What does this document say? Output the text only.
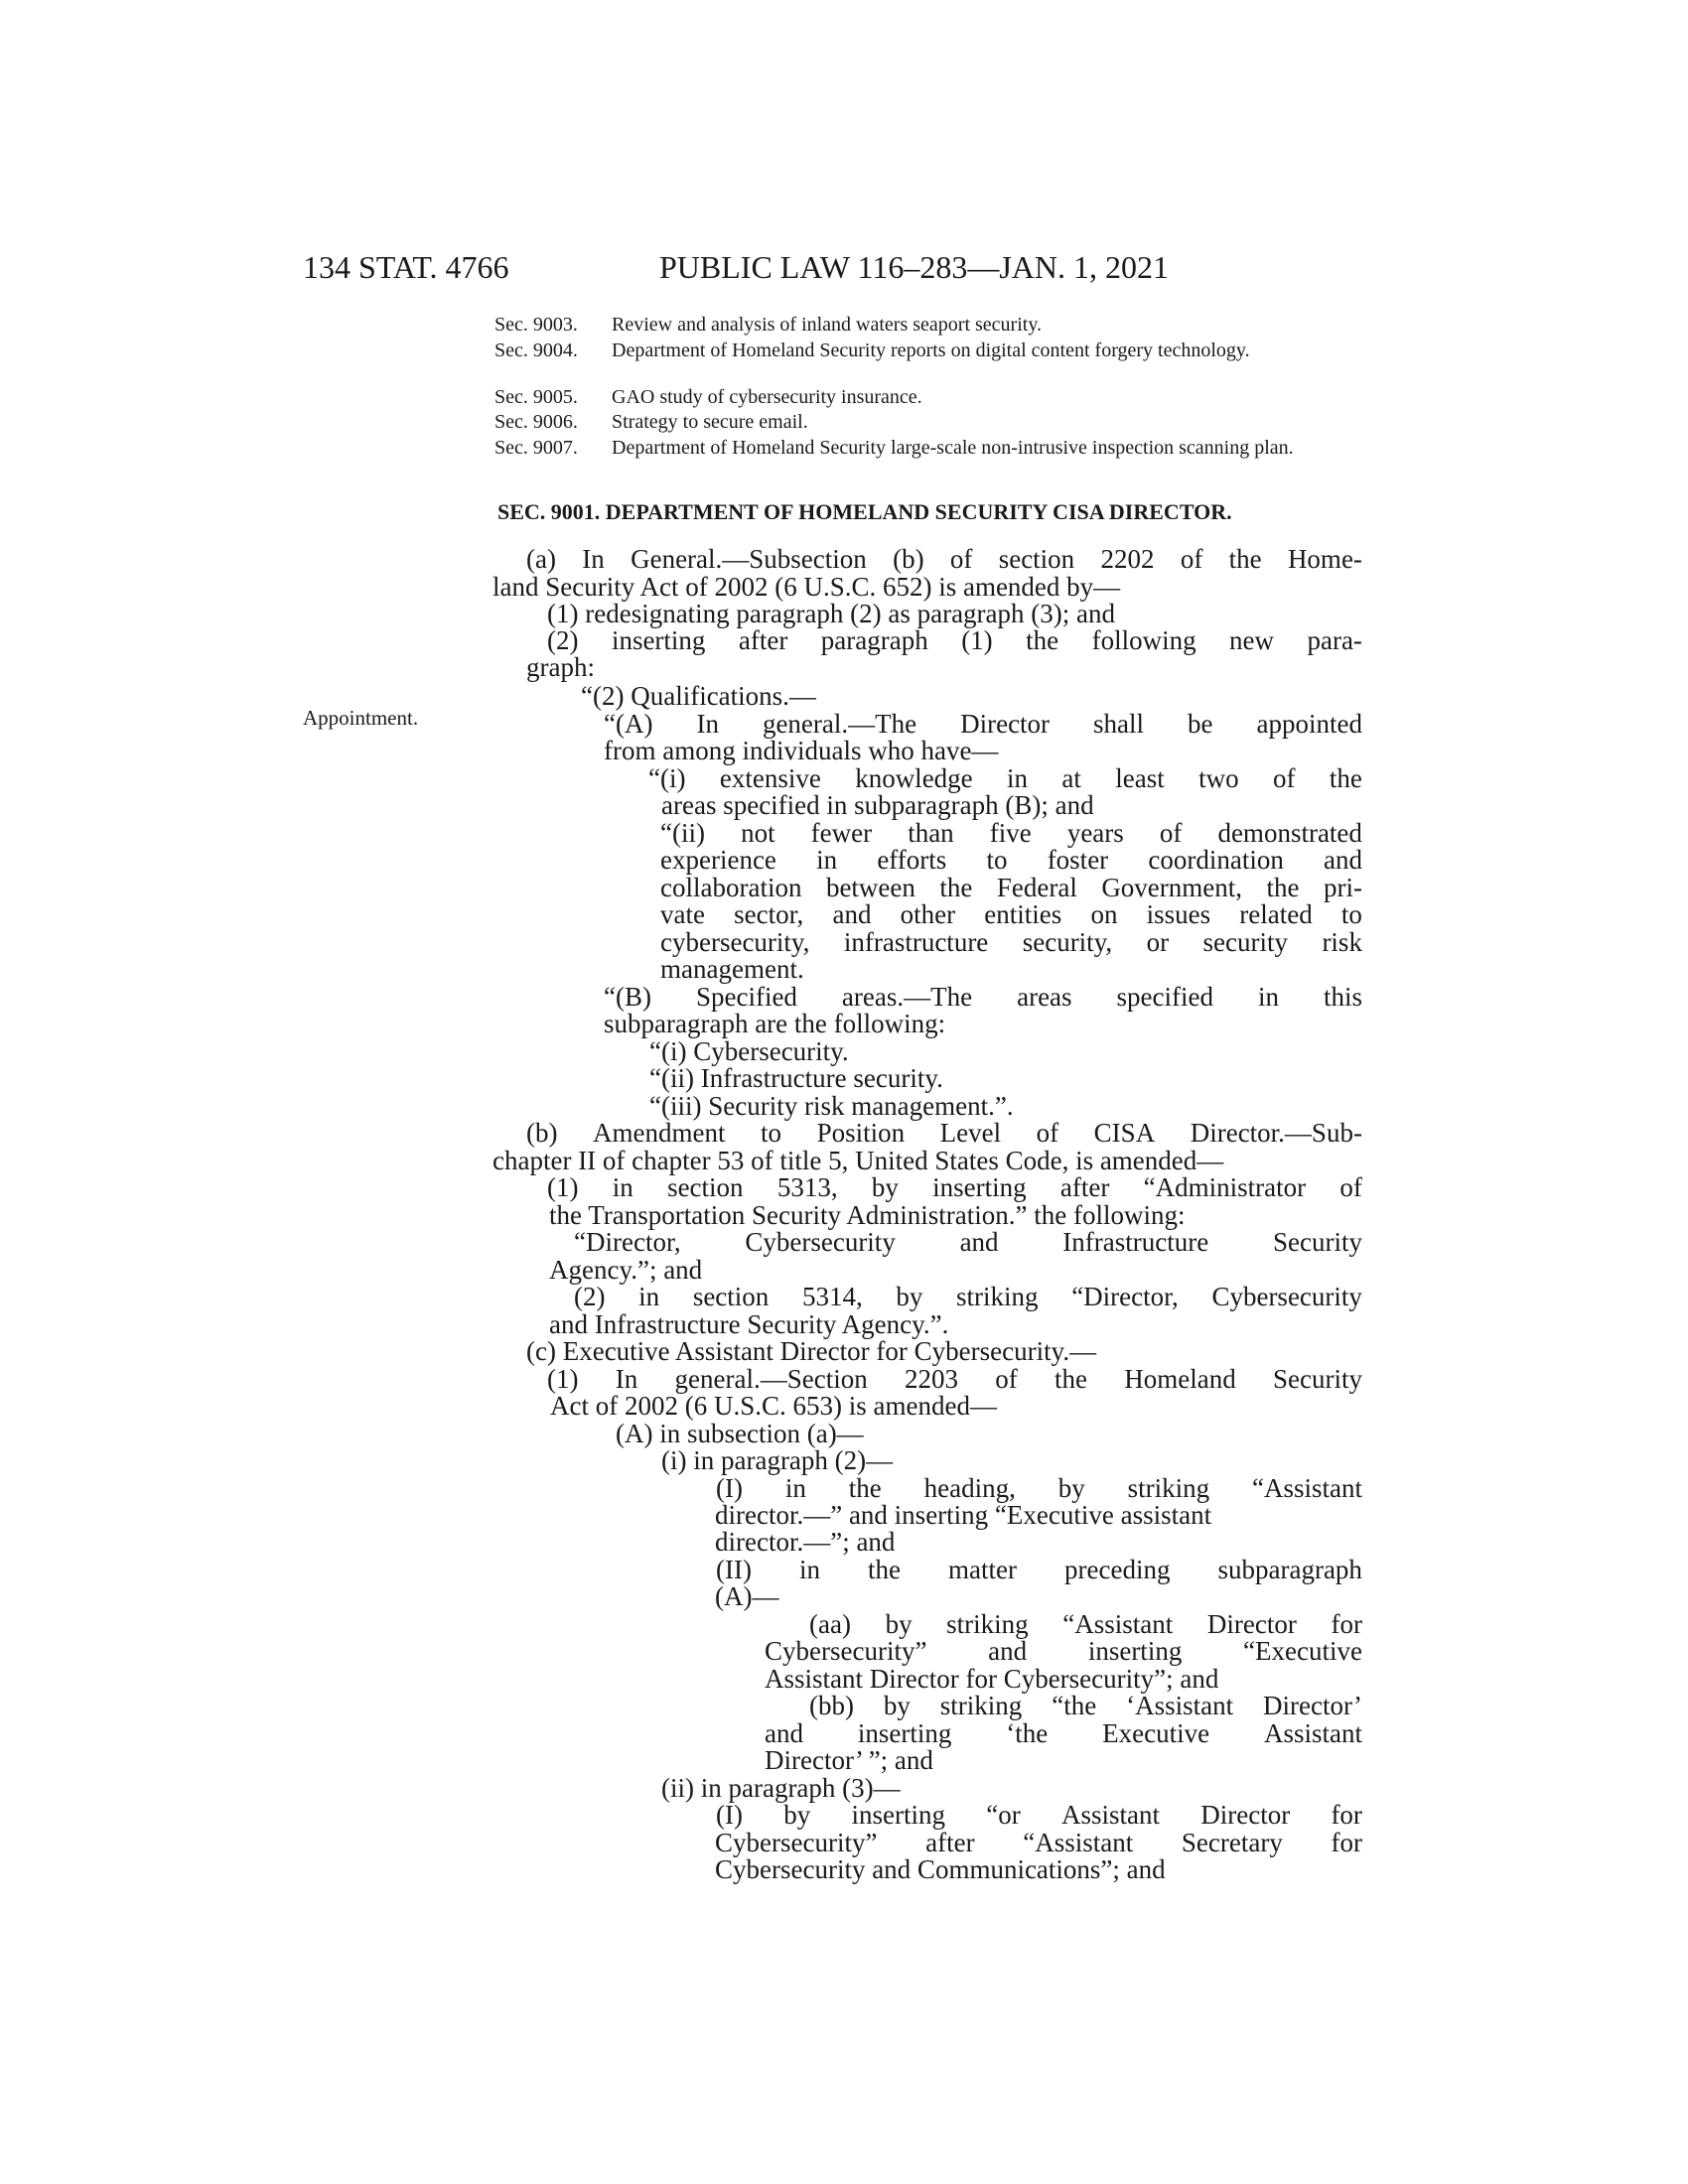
134 STAT. 4766	PUBLIC LAW 116–283—JAN. 1, 2021
Sec. 9003. Review and analysis of inland waters seaport security.
Sec. 9004. Department of Homeland Security reports on digital content forgery technology.
Sec. 9005. GAO study of cybersecurity insurance.
Sec. 9006. Strategy to secure email.
Sec. 9007. Department of Homeland Security large-scale non-intrusive inspection scanning plan.
SEC. 9001. DEPARTMENT OF HOMELAND SECURITY CISA DIRECTOR.
Appointment.
(a) In General.—Subsection (b) of section 2202 of the Home-
land Security Act of 2002 (6 U.S.C. 652) is amended by—
(1) redesignating paragraph (2) as paragraph (3); and
(2) inserting after paragraph (1) the following new para-
graph:
“(2) Qualifications.—
“(A) In general.—The Director shall be appointed
from among individuals who have—
“(i) extensive knowledge in at least two of the
areas specified in subparagraph (B); and
“(ii) not fewer than five years of demonstrated
experience in efforts to foster coordination and
collaboration between the Federal Government, the pri-
vate sector, and other entities on issues related to
cybersecurity, infrastructure security, or security risk
management.
“(B) Specified areas.—The areas specified in this
subparagraph are the following:
“(i) Cybersecurity.
“(ii) Infrastructure security.
“(iii) Security risk management.”.
(b) Amendment to Position Level of CISA Director.—Sub-
chapter II of chapter 53 of title 5, United States Code, is amended—
(1) in section 5313, by inserting after “Administrator of
the Transportation Security Administration.” the following:
“Director, Cybersecurity and Infrastructure Security
Agency.”; and
(2) in section 5314, by striking “Director, Cybersecurity
and Infrastructure Security Agency.”.
(c) Executive Assistant Director for Cybersecurity.—
(1) In general.—Section 2203 of the Homeland Security
Act of 2002 (6 U.S.C. 653) is amended—
(A) in subsection (a)—
(i) in paragraph (2)—
(I) in the heading, by striking “Assistant
director.—” and inserting “Executive assistant
director.—”; and
(II) in the matter preceding subparagraph
(A)—
(aa) by striking “Assistant Director for
Cybersecurity” and inserting “Executive
Assistant Director for Cybersecurity”; and
(bb) by striking “the ‘Assistant Director’
and inserting ‘the Executive Assistant
Director’ ”; and
(ii) in paragraph (3)—
(I) by inserting “or Assistant Director for
Cybersecurity” after “Assistant Secretary for
Cybersecurity and Communications”; and
